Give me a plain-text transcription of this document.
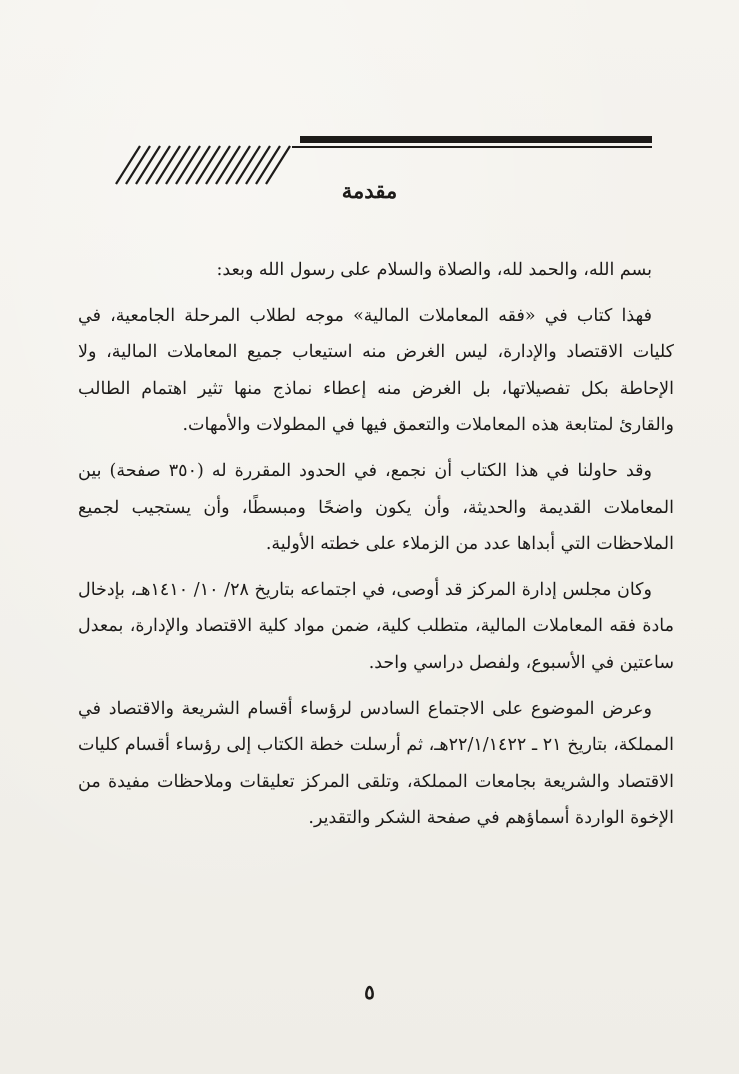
مقدمة

بسم الله، والحمد لله، والصلاة والسلام على رسول الله وبعد:

فهذا كتاب في «فقه المعاملات المالية» موجه لطلاب المرحلة الجامعية، في كليات الاقتصاد والإدارة، ليس الغرض منه استيعاب جميع المعاملات المالية، ولا الإحاطة بكل تفصيلاتها، بل الغرض منه إعطاء نماذج منها تثير اهتمام الطالب والقارئ لمتابعة هذه المعاملات والتعمق فيها في المطولات والأمهات.

وقد حاولنا في هذا الكتاب أن نجمع، في الحدود المقررة له (٣٥٠ صفحة) بين المعاملات القديمة والحديثة، وأن يكون واضحًا ومبسطًا، وأن يستجيب لجميع الملاحظات التي أبداها عدد من الزملاء على خطته الأولية.

وكان مجلس إدارة المركز قد أوصى، في اجتماعه بتاريخ ٢٨/ ١٠/ ١٤١٠هـ، بإدخال مادة فقه المعاملات المالية، متطلب كلية، ضمن مواد كلية الاقتصاد والإدارة، بمعدل ساعتين في الأسبوع، ولفصل دراسي واحد.

وعرض الموضوع على الاجتماع السادس لرؤساء أقسام الشريعة والاقتصاد في المملكة، بتاريخ ٢١ ـ ٢٢/١/١٤٢٢هـ، ثم أرسلت خطة الكتاب إلى رؤساء أقسام كليات الاقتصاد والشريعة بجامعات المملكة، وتلقى المركز تعليقات وملاحظات مفيدة من الإخوة الواردة أسماؤهم في صفحة الشكر والتقدير.

٥
